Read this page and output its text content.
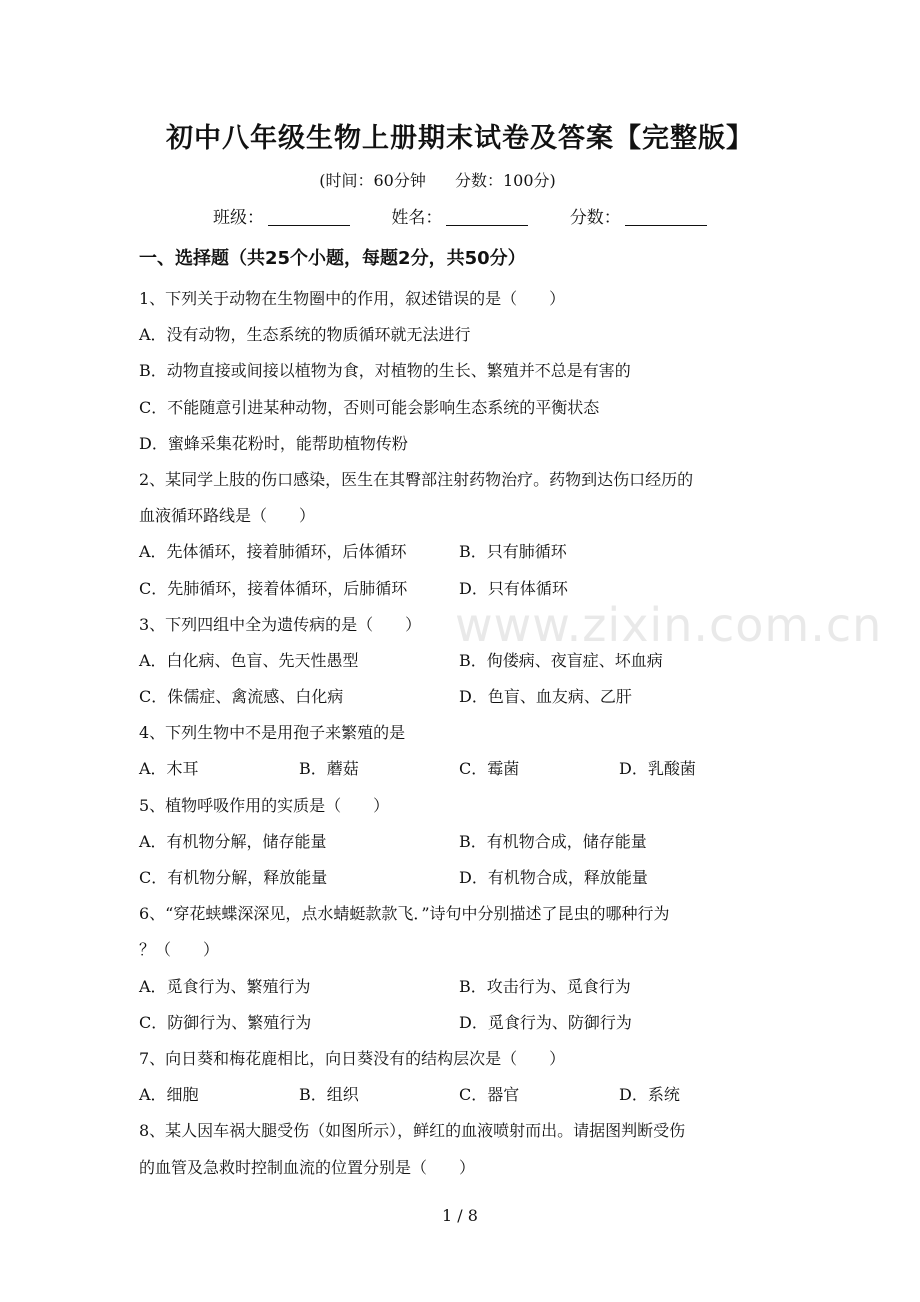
www.zixin.com.cn
初中八年级生物上册期末试卷及答案【完整版】
(时间：60分钟 分数：100分)
班级：	姓名：	分数：
一、选择题（共25个小题，每题2分，共50分）
1、下列关于动物在生物圈中的作用，叙述错误的是（　　）
A．没有动物，生态系统的物质循环就无法进行
B．动物直接或间接以植物为食，对植物的生长、繁殖并不总是有害的
C．不能随意引进某种动物，否则可能会影响生态系统的平衡状态
D．蜜蜂采集花粉时，能帮助植物传粉
2、某同学上肢的伤口感染，医生在其臀部注射药物治疗。药物到达伤口经历的
血液循环路线是（　　）
A．先体循环，接着肺循环，后体循环	B．只有肺循环
C．先肺循环，接着体循环，后肺循环	D．只有体循环
3、下列四组中全为遗传病的是（　　）
A．白化病、色盲、先天性愚型	B．佝偻病、夜盲症、坏血病
C．侏儒症、禽流感、白化病	D．色盲、血友病、乙肝
4、下列生物中不是用孢子来繁殖的是
A．木耳	B．蘑菇	C．霉菌	D．乳酸菌
5、植物呼吸作用的实质是（　　）
A．有机物分解，储存能量	B．有机物合成，储存能量
C．有机物分解，释放能量	D．有机物合成，释放能量
6、“穿花蛱蝶深深见，点水蜻蜓款款飞．”诗句中分别描述了昆虫的哪种行为
？（　　）
A．觅食行为、繁殖行为	B．攻击行为、觅食行为
C．防御行为、繁殖行为	D．觅食行为、防御行为
7、向日葵和梅花鹿相比，向日葵没有的结构层次是（　　）
A．细胞	B．组织	C．器官	D．系统
8、某人因车祸大腿受伤（如图所示），鲜红的血液喷射而出。请据图判断受伤
的血管及急救时控制血流的位置分别是（　　）
1 / 8
